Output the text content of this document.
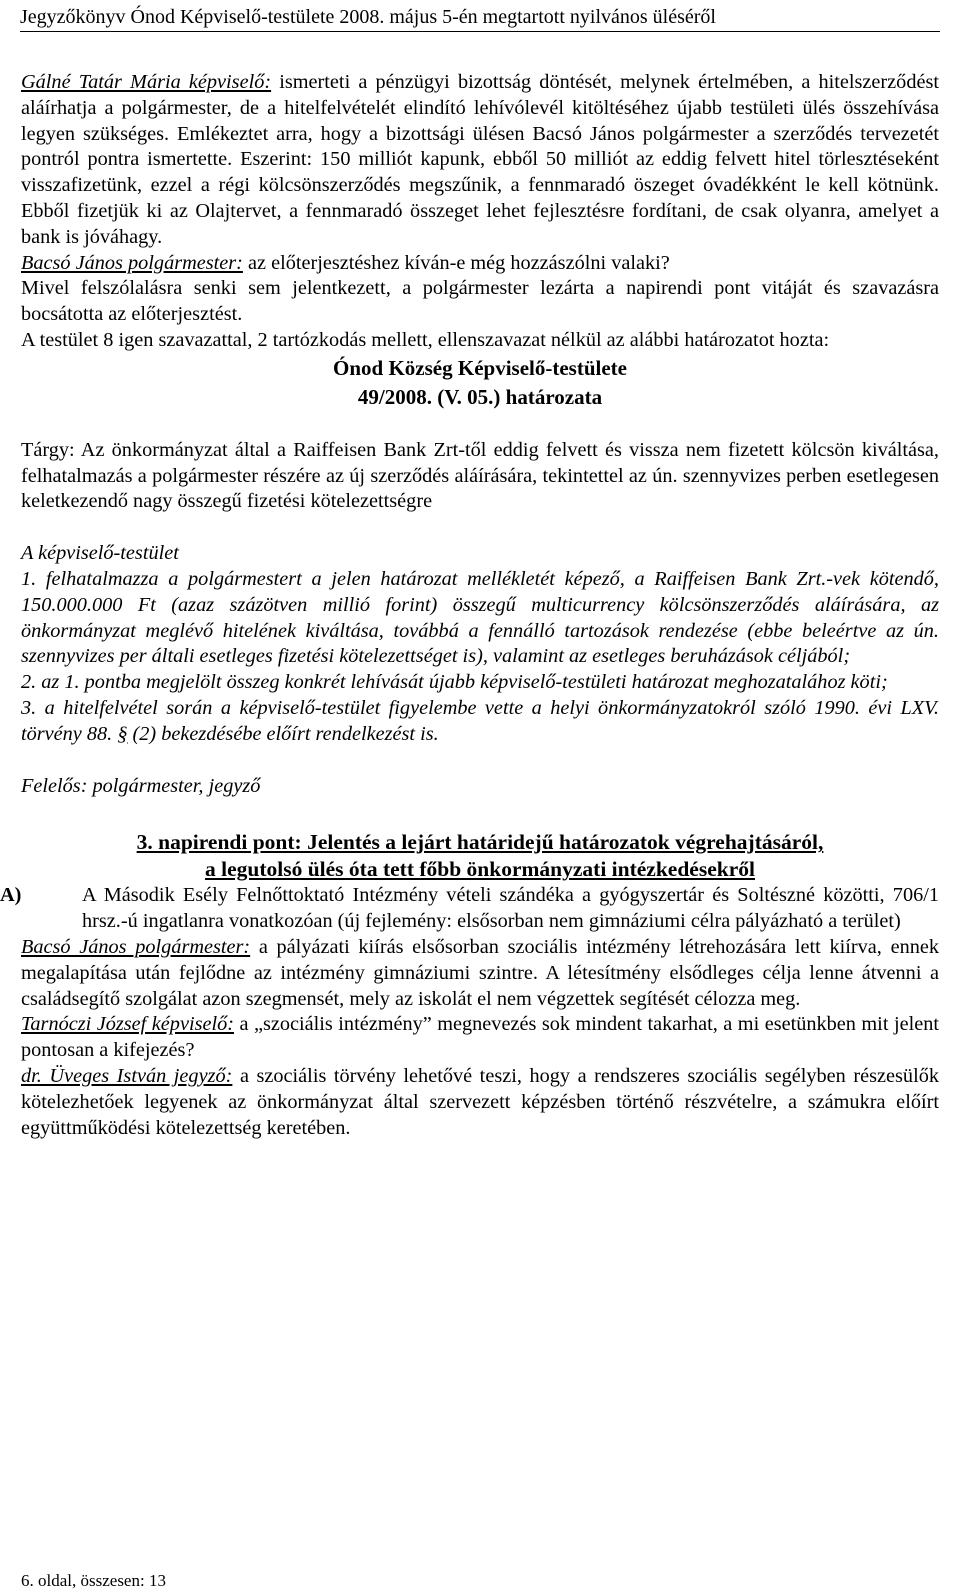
Jegyzőkönyv Ónod Képviselő-testülete 2008. május 5-én megtartott nyilvános üléséről

Gálné Tatár Mária képviselő: ismerteti a pénzügyi bizottság döntését, melynek értelmében, a hitelszerződést aláírhatja a polgármester, de a hitelfelvételét elindító lehívólevél kitöltéséhez újabb testületi ülés összehívása legyen szükséges. Emlékeztet arra, hogy a bizottsági ülésen Bacsó János polgármester a szerződés tervezetét pontról pontra ismertette. Eszerint: 150 milliót kapunk, ebből 50 milliót az eddig felvett hitel törlesztéseként visszafizetünk, ezzel a régi kölcsönszerződés megszűnik, a fennmaradó öszeget óvadékként le kell kötnünk. Ebből fizetjük ki az Olajtervet, a fennmaradó összeget lehet fejlesztésre fordítani, de csak olyanra, amelyet a bank is jóváhagy.

Bacsó János polgármester: az előterjesztéshez kíván-e még hozzászólni valaki?

Mivel felszólalásra senki sem jelentkezett, a polgármester lezárta a napirendi pont vitáját és szavazásra bocsátotta az előterjesztést.

A testület 8 igen szavazattal, 2 tartózkodás mellett, ellenszavazat nélkül az alábbi határozatot hozta:

Ónod Község Képviselő-testülete
49/2008. (V. 05.) határozata

Tárgy: Az önkormányzat által a Raiffeisen Bank Zrt-től eddig felvett és vissza nem fizetett kölcsön kiváltása, felhatalmazás a polgármester részére az új szerződés aláírására, tekintettel az ún. szennyvizes perben esetlegesen keletkezendő nagy összegű fizetési kötelezettségre

A képviselő-testület

1. felhatalmazza a polgármestert a jelen határozat mellékletét képező, a Raiffeisen Bank Zrt.-vek kötendő, 150.000.000 Ft (azaz százötven millió forint) összegű multicurrency kölcsönszerződés aláírására, az önkormányzat meglévő hitelének kiváltása, továbbá a fennálló tartozások rendezése (ebbe beleértve az ún. szennyvizes per általi esetleges fizetési kötelezettséget is), valamint az esetleges beruházások céljából;

2. az 1. pontba megjelölt összeg konkrét lehívását újabb képviselő-testületi határozat meghozatalához köti;

3. a hitelfelvétel során a képviselő-testület figyelembe vette a helyi önkormányzatokról szóló 1990. évi LXV. törvény 88. § (2) bekezdésébe előírt rendelkezést is.

Felelős: polgármester, jegyző

3. napirendi pont: Jelentés a lejárt határidejű határozatok végrehajtásáról,
a legutolsó ülés óta tett főbb önkormányzati intézkedésekről

A)	A Második Esély Felnőttoktató Intézmény vételi szándéka a gyógyszertár és Soltészné közötti, 706/1 hrsz.-ú ingatlanra vonatkozóan (új fejlemény: elsősorban nem gimnáziumi célra pályázható a terület)

Bacsó János polgármester: a pályázati kiírás elsősorban szociális intézmény létrehozására lett kiírva, ennek megalapítása után fejlődne az intézmény gimnáziumi szintre. A létesítmény elsődleges célja lenne átvenni a családsegítő szolgálat azon szegmensét, mely az iskolát el nem végzettek segítését célozza meg.

Tarnóczi József képviselő: a „szociális intézmény” megnevezés sok mindent takarhat, a mi esetünkben mit jelent pontosan a kifejezés?

dr. Üveges István jegyző: a szociális törvény lehetővé teszi, hogy a rendszeres szociális segélyben részesülők kötelezhetőek legyenek az önkormányzat által szervezett képzésben történő részvételre, a számukra előírt együttműködési kötelezettség keretében.

6. oldal, összesen: 13
